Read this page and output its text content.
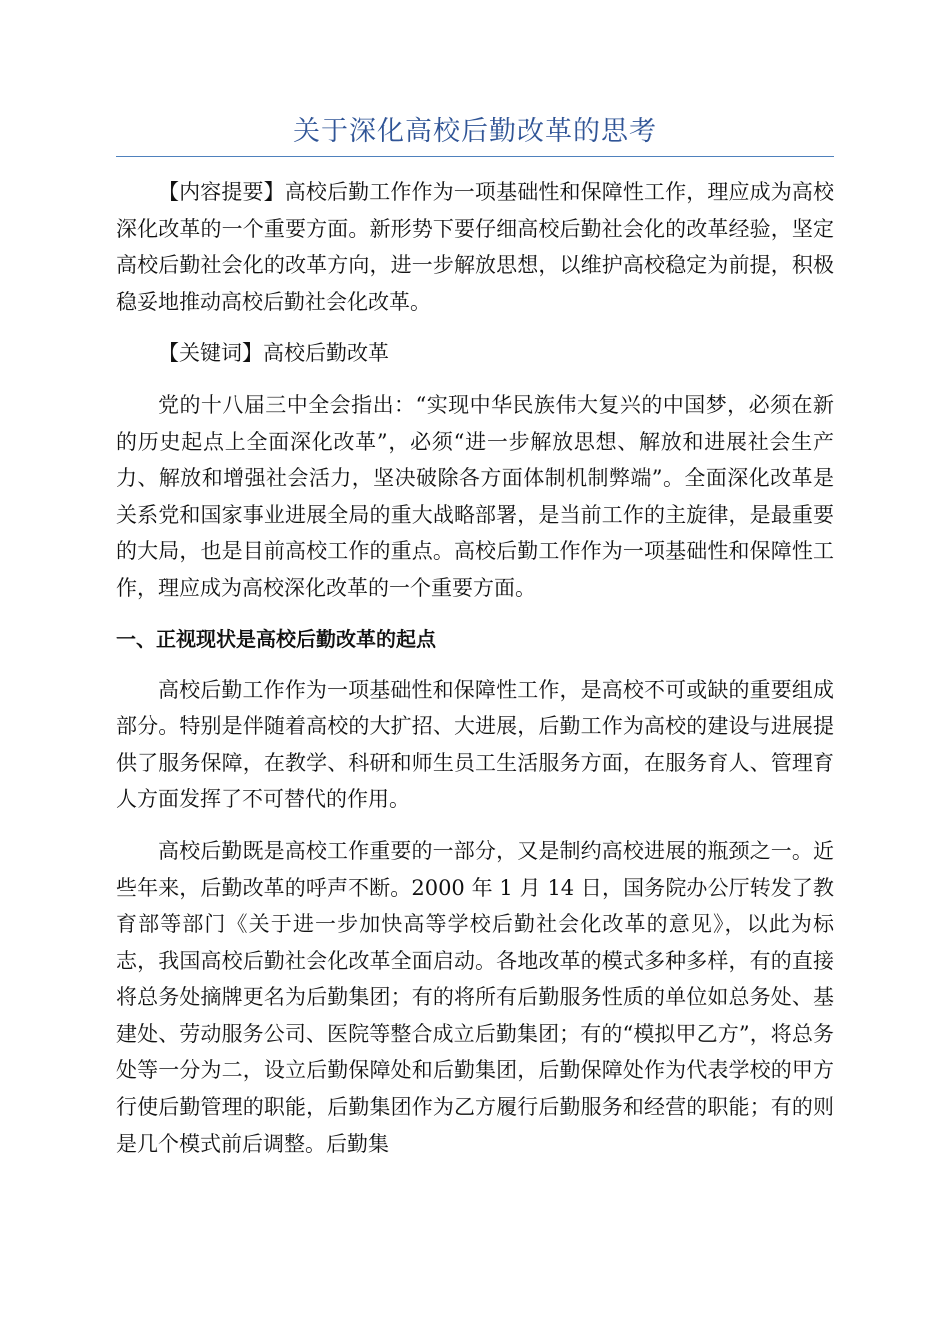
关于深化高校后勤改革的思考

【内容提要】高校后勤工作作为一项基础性和保障性工作，理应成为高校深化改革的一个重要方面。新形势下要仔细高校后勤社会化的改革经验，坚定高校后勤社会化的改革方向，进一步解放思想，以维护高校稳定为前提，积极稳妥地推动高校后勤社会化改革。

【关键词】高校后勤改革

党的十八届三中全会指出：“实现中华民族伟大复兴的中国梦，必须在新的历史起点上全面深化改革”，必须“进一步解放思想、解放和进展社会生产力、解放和增强社会活力，坚决破除各方面体制机制弊端”。全面深化改革是关系党和国家事业进展全局的重大战略部署，是当前工作的主旋律，是最重要的大局，也是目前高校工作的重点。高校后勤工作作为一项基础性和保障性工作，理应成为高校深化改革的一个重要方面。

一、正视现状是高校后勤改革的起点

高校后勤工作作为一项基础性和保障性工作，是高校不可或缺的重要组成部分。特别是伴随着高校的大扩招、大进展，后勤工作为高校的建设与进展提供了服务保障，在教学、科研和师生员工生活服务方面，在服务育人、管理育人方面发挥了不可替代的作用。

高校后勤既是高校工作重要的一部分，又是制约高校进展的瓶颈之一。近些年来，后勤改革的呼声不断。2000 年 1 月 14 日，国务院办公厅转发了教育部等部门《关于进一步加快高等学校后勤社会化改革的意见》，以此为标志，我国高校后勤社会化改革全面启动。各地改革的模式多种多样，有的直接将总务处摘牌更名为后勤集团；有的将所有后勤服务性质的单位如总务处、基建处、劳动服务公司、医院等整合成立后勤集团；有的“模拟甲乙方”，将总务处等一分为二，设立后勤保障处和后勤集团，后勤保障处作为代表学校的甲方行使后勤管理的职能，后勤集团作为乙方履行后勤服务和经营的职能；有的则是几个模式前后调整。后勤集
